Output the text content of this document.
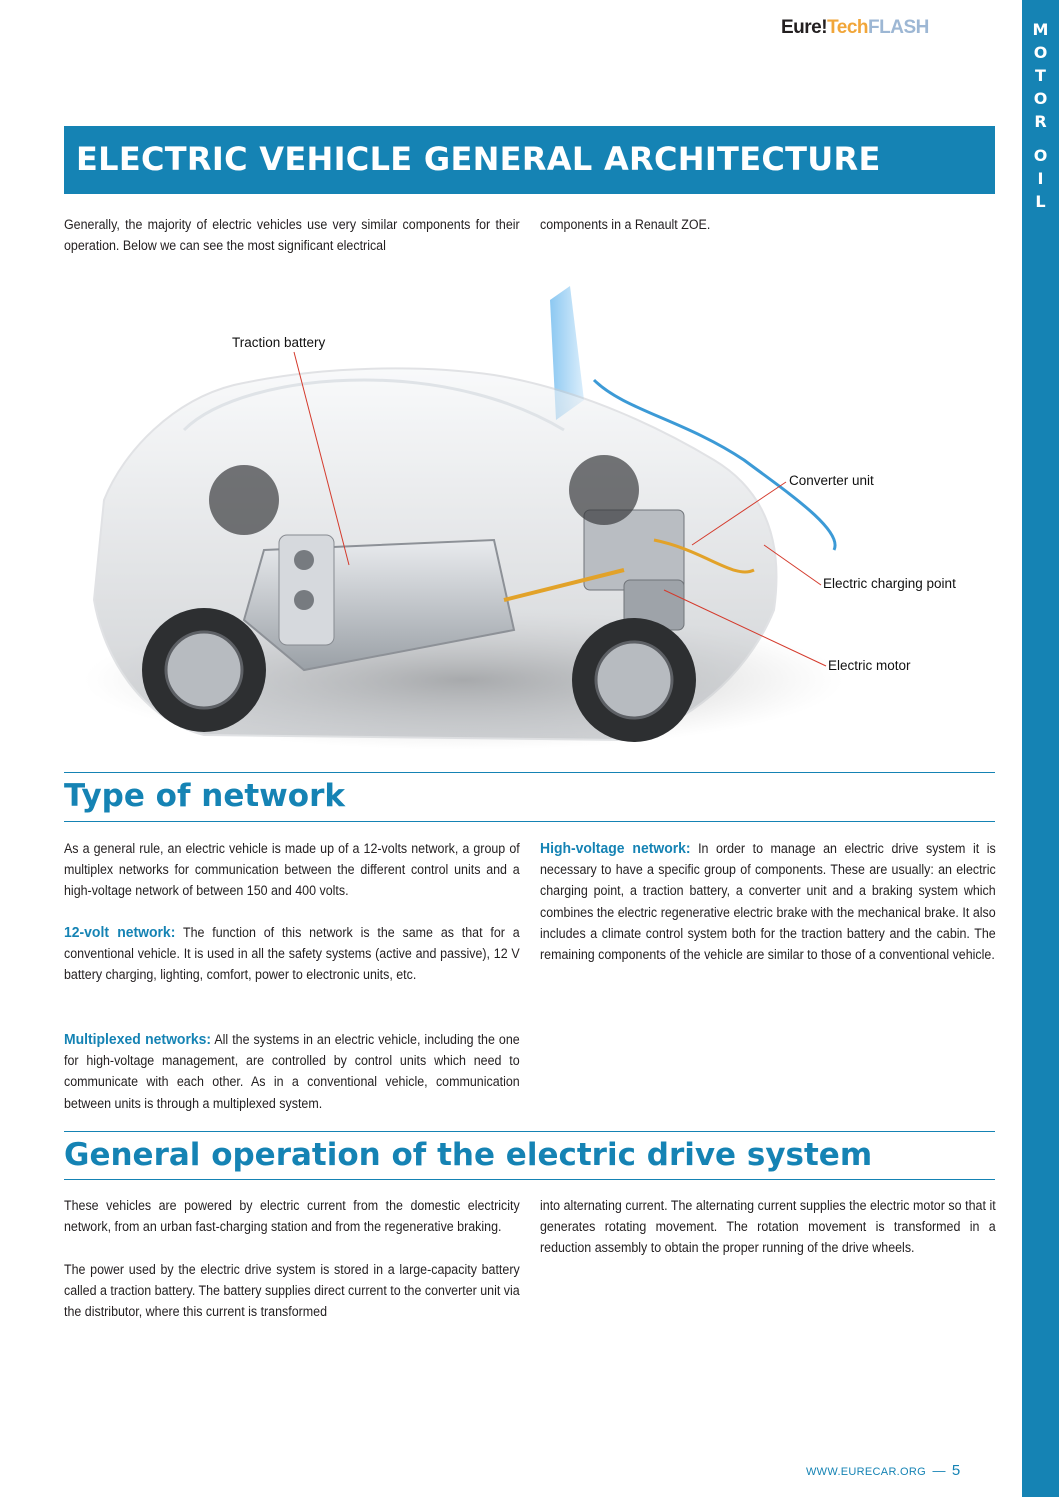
M
O
T
O
R
O
I
L
Eure!TechFLASH
ELECTRIC VEHICLE GENERAL ARCHITECTURE

Generally, the majority of electric vehicles use very similar components for their operation. Below we can see the most significant electrical

components in a Renault ZOE.

Traction battery
Converter unit
Electric charging point
Electric motor
Type of network

As a general rule, an electric vehicle is made up of a 12-volts network, a group of multiplex networks for communication between the different control units and a high-voltage network of between 150 and 400 volts.

12-volt network: The function of this network is the same as that for a conventional vehicle. It is used in all the safety systems (active and passive), 12 V battery charging, lighting, comfort, power to electronic units, etc.

Multiplexed networks: All the systems in an electric vehicle, including the one for high-voltage management, are controlled by control units which need to communicate with each other. As in a conventional vehicle, communication between units is through a multiplexed system.

High-voltage network: In order to manage an electric drive system it is necessary to have a specific group of components. These are usually: an electric charging point, a traction battery, a converter unit and a braking system which combines the electric regenerative electric brake with the mechanical brake. It also includes a climate control system both for the traction battery and the cabin. The remaining components of the vehicle are similar to those of a conventional vehicle.

General operation of the electric drive system

These vehicles are powered by electric current from the domestic electricity network, from an urban fast-charging station and from the regenerative braking.

The power used by the electric drive system is stored in a large-capacity battery called a traction battery. The battery supplies direct current to the converter unit via the distributor, where this current is transformed

into alternating current. The alternating current supplies the electric motor so that it generates rotating movement. The rotation movement is transformed in a reduction assembly to obtain the proper running of the drive wheels.

WWW.EURECAR.ORG — 5
